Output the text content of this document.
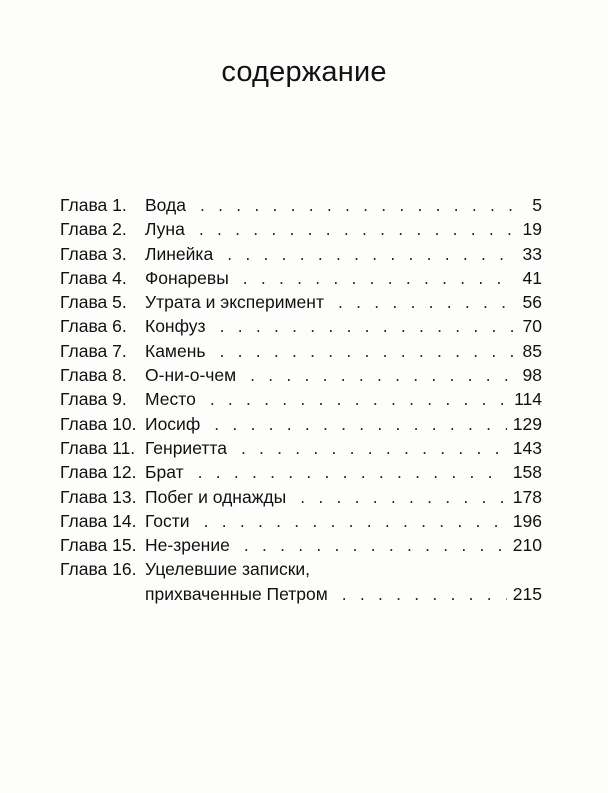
содержание
Глава 1.	Вода . . .	5
Глава 2.	Луна . . .	19
Глава 3.	Линейка . . .	33
Глава 4.	Фонаревы . . .	41
Глава 5.	Утрата и эксперимент . . .	56
Глава 6.	Конфуз . . .	70
Глава 7.	Камень . . .	85
Глава 8.	О-ни-о-чем . . .	98
Глава 9.	Место . . .	114
Глава 10. Иосиф . . .	129
Глава 11. Генриетта . . .	143
Глава 12. Брат . . .	158
Глава 13. Побег и однажды . . .	178
Глава 14. Гости . . .	196
Глава 15. Не-зрение . . .	210
Глава 16. Уцелевшие записки,
прихваченные Петром . . .	215
